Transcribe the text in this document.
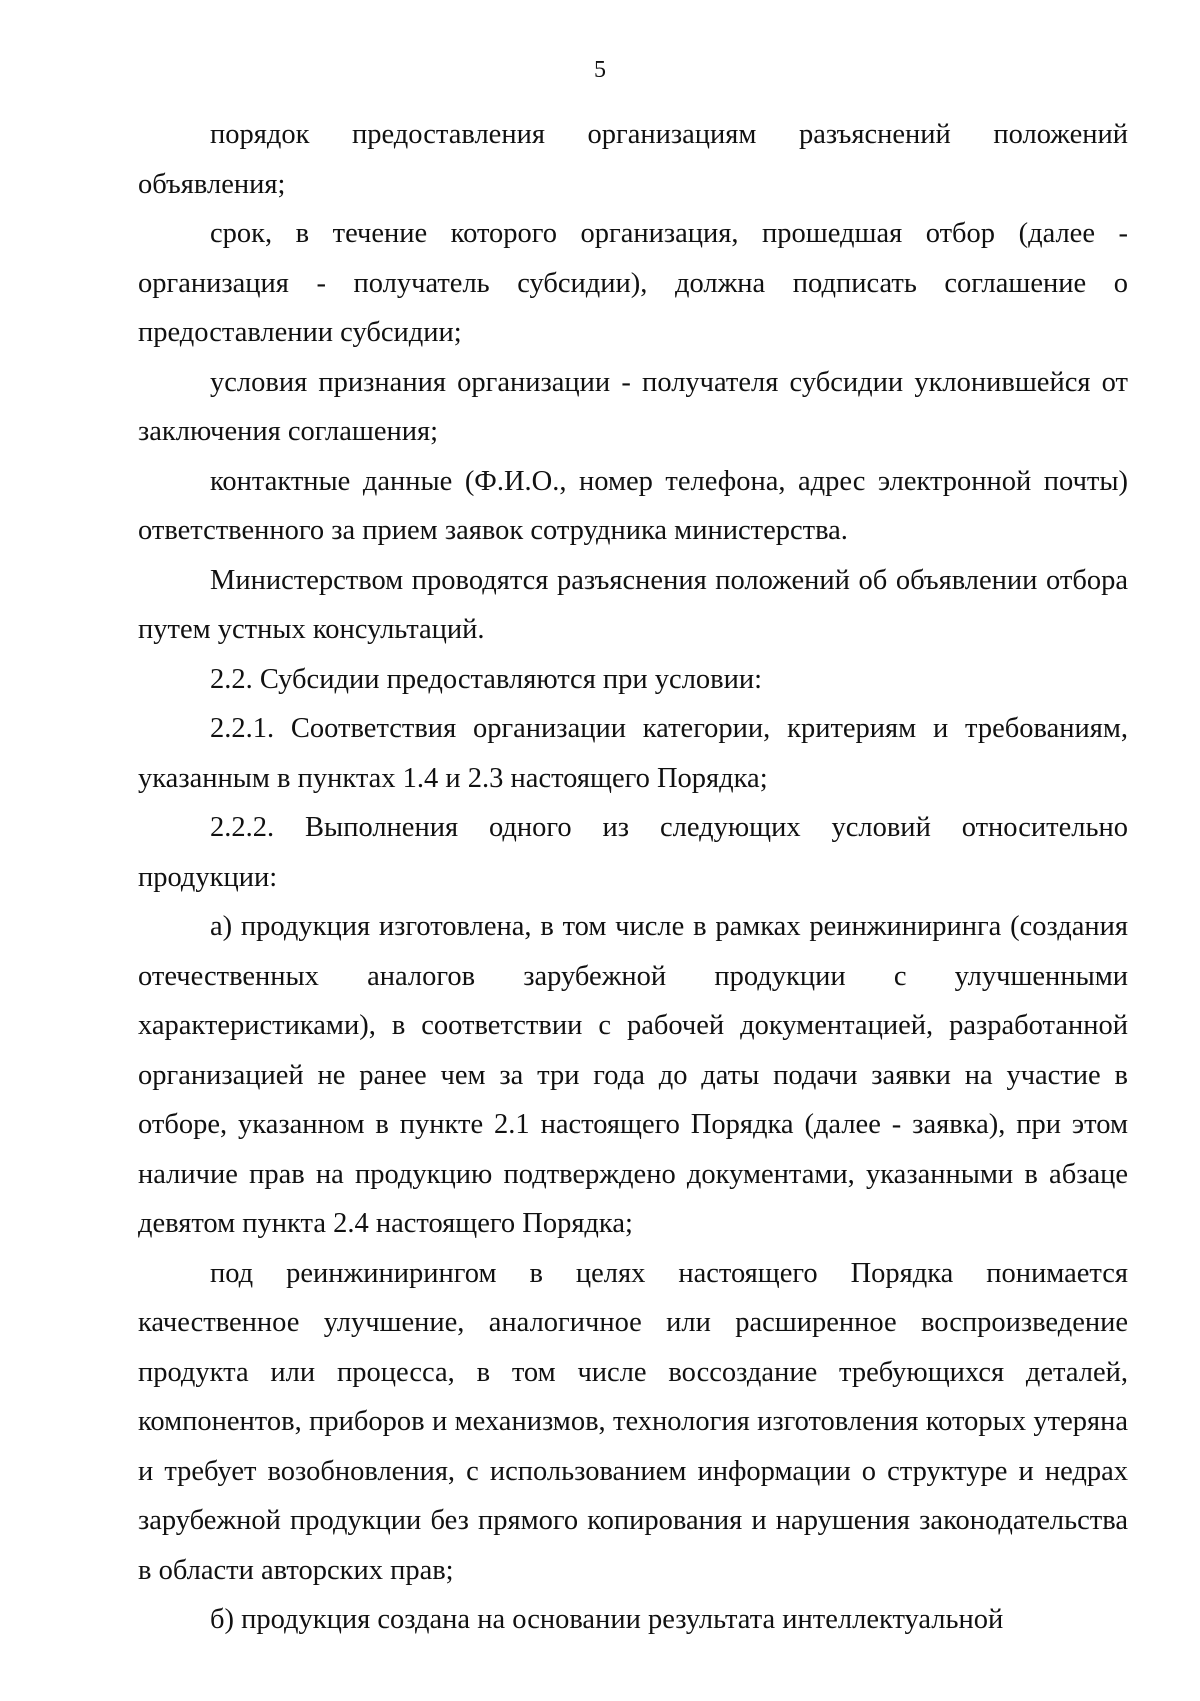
5

порядок предоставления организациям разъяснений положений объявления;

срок, в течение которого организация, прошедшая отбор (далее - организация - получатель субсидии), должна подписать соглашение о предоставлении субсидии;

условия признания организации - получателя субсидии уклонившейся от заключения соглашения;

контактные данные (Ф.И.О., номер телефона, адрес электронной почты) ответственного за прием заявок сотрудника министерства.

Министерством проводятся разъяснения положений об объявлении отбора путем устных консультаций.

2.2. Субсидии предоставляются при условии:

2.2.1. Соответствия организации категории, критериям и требованиям, указанным в пунктах 1.4 и 2.3 настоящего Порядка;

2.2.2. Выполнения одного из следующих условий относительно продукции:

а) продукция изготовлена, в том числе в рамках реинжиниринга (создания отечественных аналогов зарубежной продукции с улучшенными характеристиками), в соответствии с рабочей документацией, разработанной организацией не ранее чем за три года до даты подачи заявки на участие в отборе, указанном в пункте 2.1 настоящего Порядка (далее - заявка), при этом наличие прав на продукцию подтверждено документами, указанными в абзаце девятом пункта 2.4 настоящего Порядка;

под реинжинирингом в целях настоящего Порядка понимается качественное улучшение, аналогичное или расширенное воспроизведение продукта или процесса, в том числе воссоздание требующихся деталей, компонентов, приборов и механизмов, технология изготовления которых утеряна и требует возобновления, с использованием информации о структуре и недрах зарубежной продукции без прямого копирования и нарушения законодательства в области авторских прав;

б) продукция создана на основании результата интеллектуальной
